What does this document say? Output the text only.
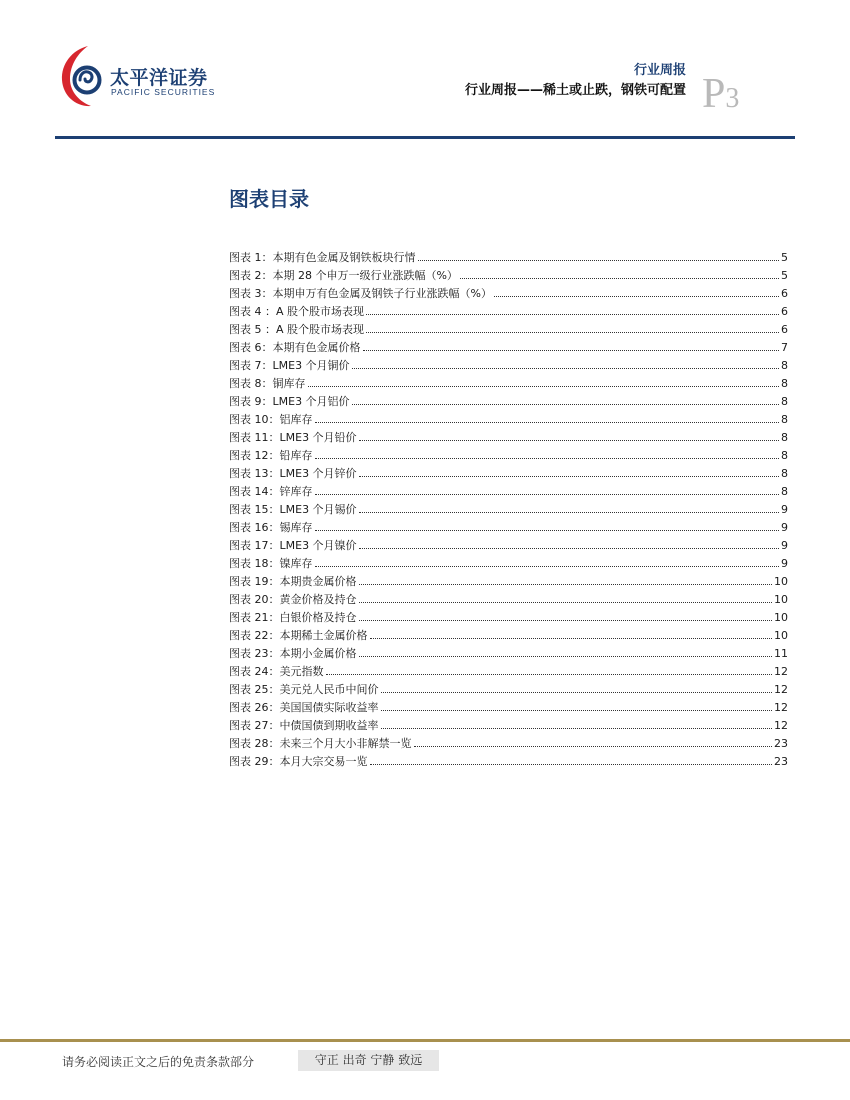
太平洋证券
PACIFIC SECURITIES
行业周报
行业周报——稀土或止跌，钢铁可配置 P3
图表目录
图表 1：本期有色金属及钢铁板块行情	5
图表 2：本期 28 个申万一级行业涨跌幅（%）	5
图表 3：本期申万有色金属及钢铁子行业涨跌幅（%）	6
图表 4 ：A 股个股市场表现	6
图表 5 ：A 股个股市场表现	6
图表 6：本期有色金属价格	7
图表 7：LME3 个月铜价	8
图表 8：铜库存	8
图表 9：LME3 个月铝价	8
图表 10：铝库存	8
图表 11：LME3 个月铅价	8
图表 12：铅库存	8
图表 13：LME3 个月锌价	8
图表 14：锌库存	8
图表 15：LME3 个月锡价	9
图表 16：锡库存	9
图表 17：LME3 个月镍价	9
图表 18：镍库存	9
图表 19：本期贵金属价格	10
图表 20：黄金价格及持仓	10
图表 21：白银价格及持仓	10
图表 22：本期稀土金属价格	10
图表 23：本期小金属价格	11
图表 24：美元指数	12
图表 25：美元兑人民币中间价	12
图表 26：美国国债实际收益率	12
图表 27：中债国债到期收益率	12
图表 28：未来三个月大小非解禁一览	23
图表 29：本月大宗交易一览	23
请务必阅读正文之后的免责条款部分	守正 出奇 宁静 致远
